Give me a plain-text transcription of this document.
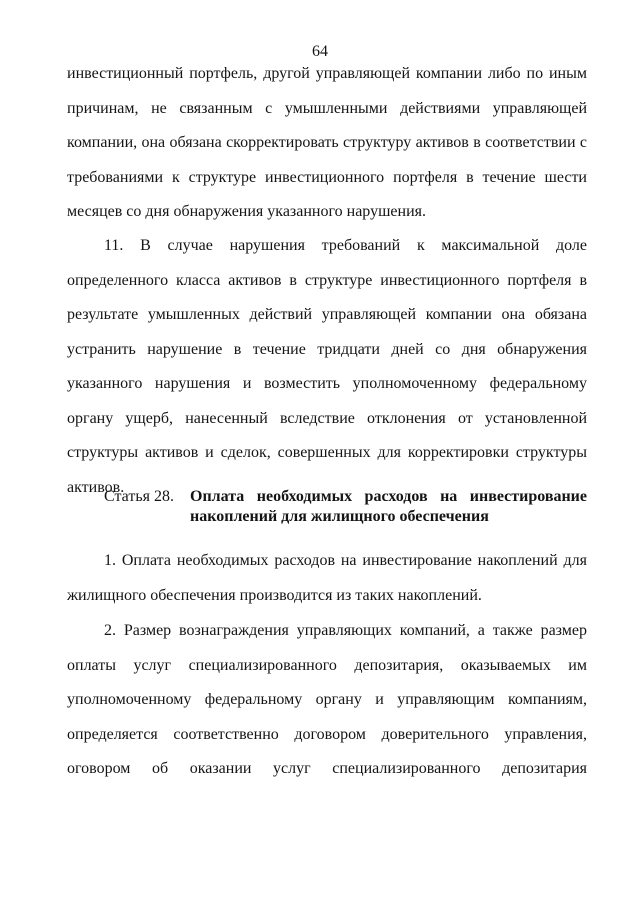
64
инвестиционный портфель, другой управляющей компании либо по иным причинам, не связанным с умышленными действиями управляющей компании, она обязана скорректировать структуру активов в соответствии с требованиями к структуре инвестиционного портфеля в течение шести месяцев со дня обнаружения указанного нарушения.
11. В случае нарушения требований к максимальной доле определенного класса активов в структуре инвестиционного портфеля в результате умышленных действий управляющей компании она обязана устранить нарушение в течение тридцати дней со дня обнаружения указанного нарушения и возместить уполномоченному федеральному органу ущерб, нанесенный вследствие отклонения от установленной структуры активов и сделок, совершенных для корректировки структуры активов.
Статья 28.	Оплата необходимых расходов на инвестирование накоплений для жилищного обеспечения
1. Оплата необходимых расходов на инвестирование накоплений для жилищного обеспечения производится из таких накоплений.
2. Размер вознаграждения управляющих компаний, а также размер оплаты услуг специализированного депозитария, оказываемых им уполномоченному федеральному органу и управляющим компаниям, определяется соответственно договором доверительного управления, оговором об оказании услуг специализированного депозитария
